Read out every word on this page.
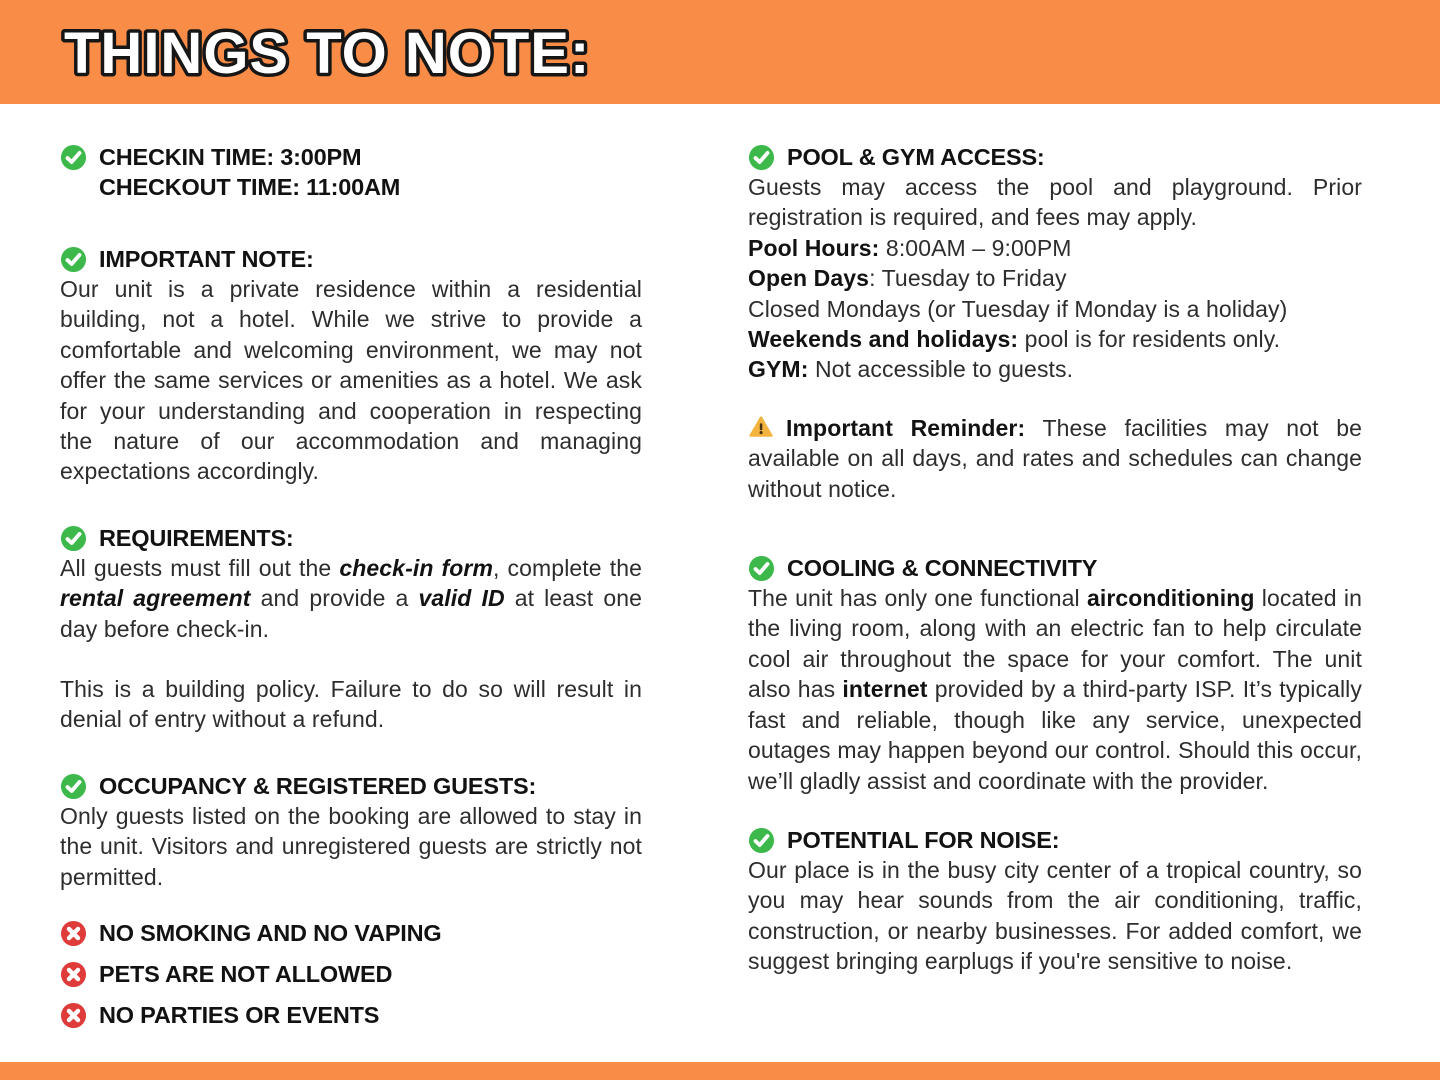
THINGS TO NOTE:
CHECKIN TIME: 3:00PM
CHECKOUT TIME: 11:00AM
IMPORTANT NOTE:

Our unit is a private residence within a residential building, not a hotel. While we strive to provide a comfortable and welcoming environment, we may not offer the same services or amenities as a hotel. We ask for your understanding and cooperation in respecting the nature of our accommodation and managing expectations accordingly.

REQUIREMENTS:

All guests must fill out the check-in form, complete the rental agreement and provide a valid ID at least one day before check-in.

This is a building policy. Failure to do so will result in denial of entry without a refund.

OCCUPANCY & REGISTERED GUESTS:

Only guests listed on the booking are allowed to stay in the unit. Visitors and unregistered guests are strictly not permitted.

NO SMOKING AND NO VAPING
PETS ARE NOT ALLOWED
NO PARTIES OR EVENTS
POOL & GYM ACCESS:

Guests may access the pool and playground. Prior registration is required, and fees may apply.

Pool Hours: 8:00AM – 9:00PM

Open Days: Tuesday to Friday

Closed Mondays (or Tuesday if Monday is a holiday)

Weekends and holidays: pool is for residents only.

GYM: Not accessible to guests.

Important Reminder: These facilities may not be available on all days, and rates and schedules can change without notice.

COOLING & CONNECTIVITY

The unit has only one functional airconditioning located in the living room, along with an electric fan to help circulate cool air throughout the space for your comfort. The unit also has internet provided by a third-party ISP. It’s typically fast and reliable, though like any service, unexpected outages may happen beyond our control. Should this occur, we’ll gladly assist and coordinate with the provider.

POTENTIAL FOR NOISE:

Our place is in the busy city center of a tropical country, so you may hear sounds from the air conditioning, traffic, construction, or nearby businesses. For added comfort, we suggest bringing earplugs if you're sensitive to noise.
